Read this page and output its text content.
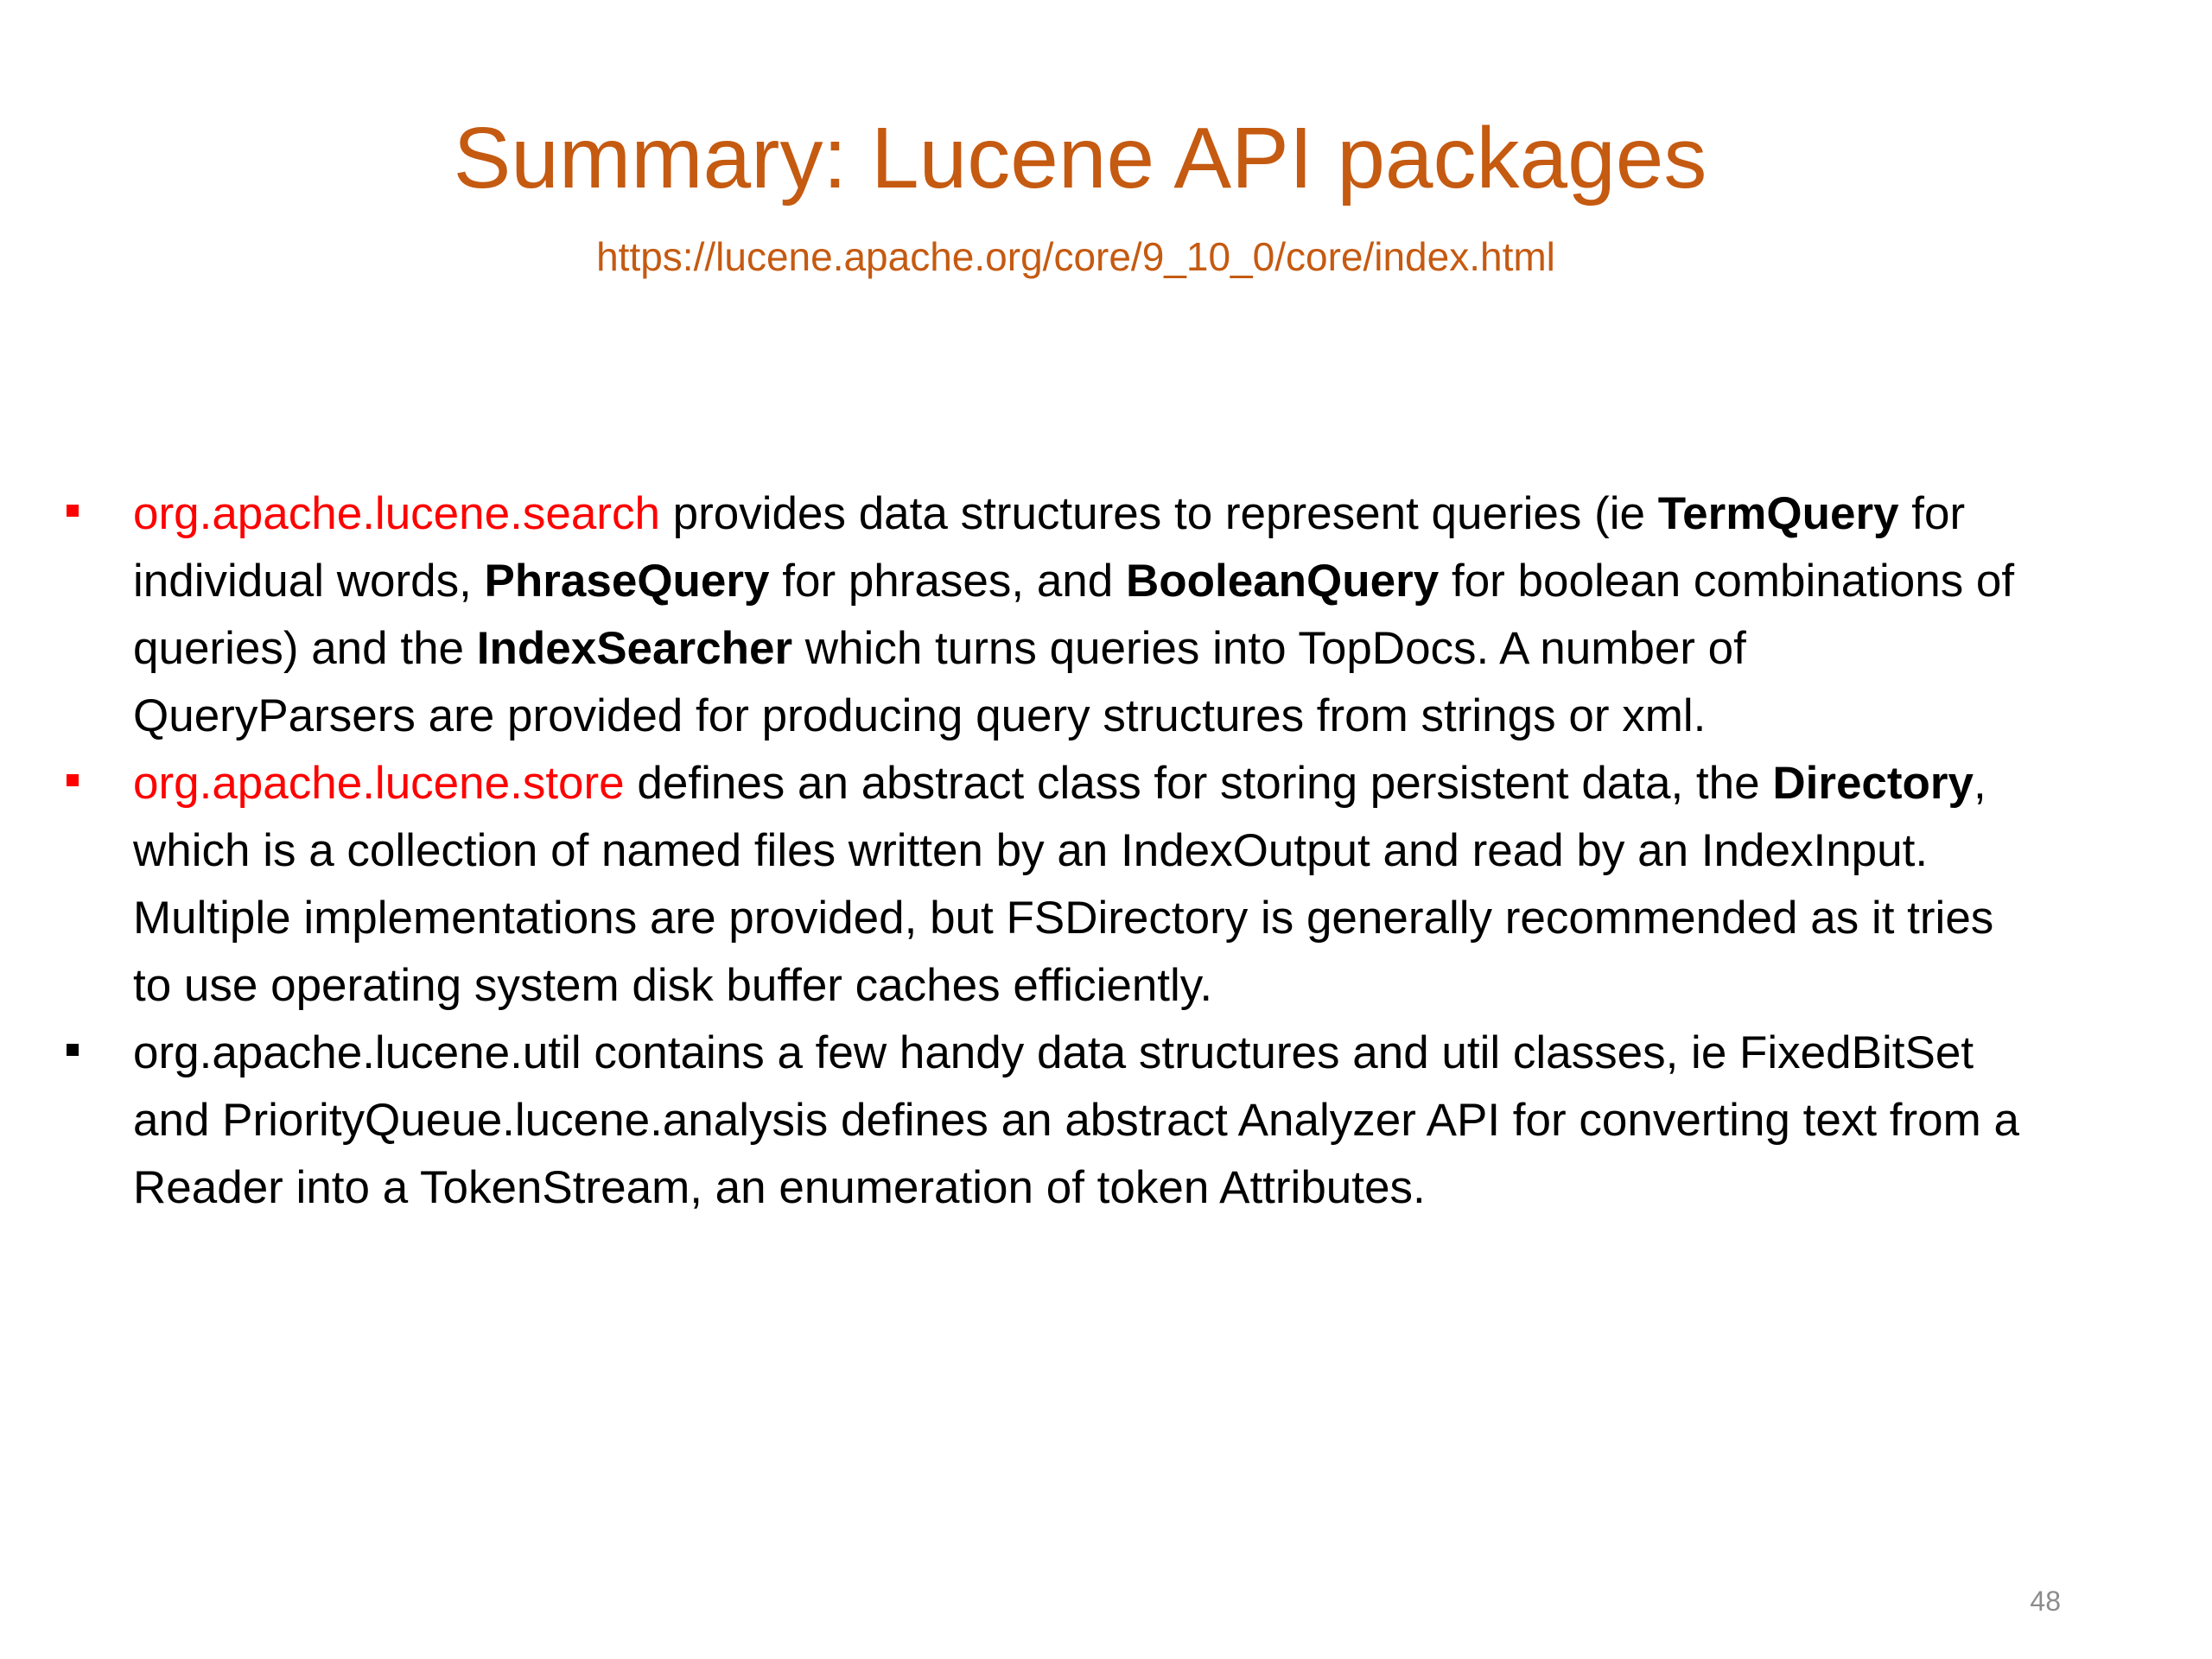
Summary: Lucene API packages
https://lucene.apache.org/core/9_10_0/core/index.html
org.apache.lucene.search provides data structures to represent queries (ie TermQuery for individual words, PhraseQuery for phrases, and BooleanQuery for boolean combinations of queries) and the IndexSearcher which turns queries into TopDocs. A number of QueryParsers are provided for producing query structures from strings or xml.
org.apache.lucene.store defines an abstract class for storing persistent data, the Directory, which is a collection of named files written by an IndexOutput and read by an IndexInput. Multiple implementations are provided, but FSDirectory is generally recommended as it tries to use operating system disk buffer caches efficiently.
org.apache.lucene.util contains a few handy data structures and util classes, ie FixedBitSet and PriorityQueue.lucene.analysis defines an abstract Analyzer API for converting text from a Reader into a TokenStream, an enumeration of token Attributes.
48
